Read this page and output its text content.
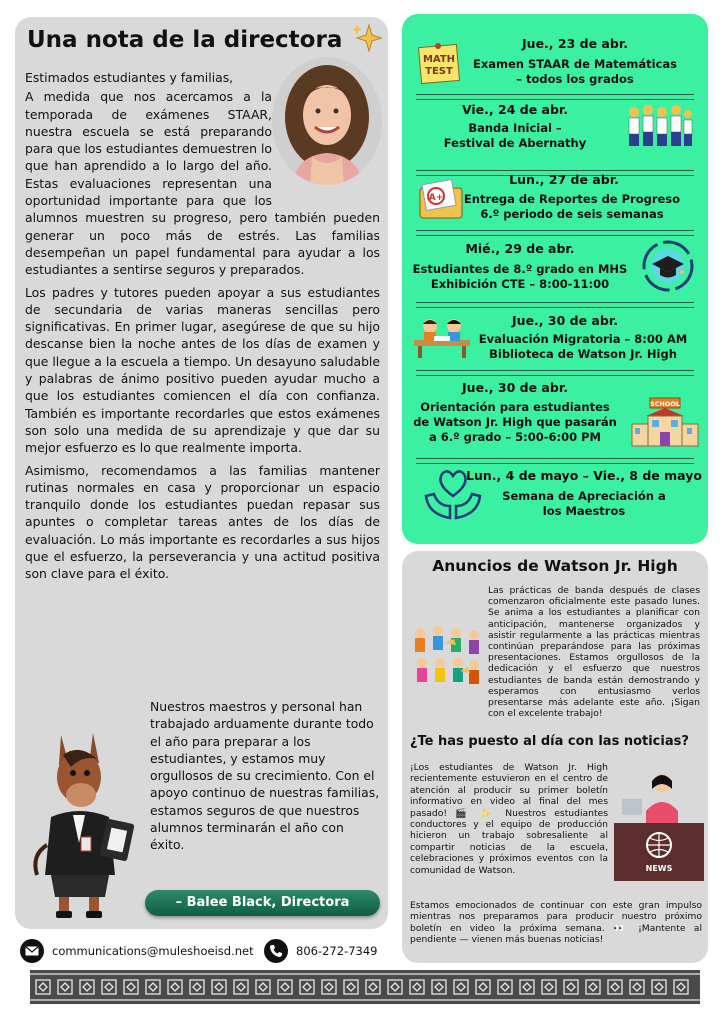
Una nota de la directora

Estimados estudiantes y familias,

A medida que nos acercamos a la temporada de exámenes STAAR, nuestra escuela se está preparando para que los estudiantes demuestren lo que han aprendido a lo largo del año. Estas evaluaciones representan una oportunidad importante para que los alumnos muestren su progreso, pero también pueden generar un poco más de estrés. Las familias desempeñan un papel fundamental para ayudar a los estudiantes a sentirse seguros y preparados.

Los padres y tutores pueden apoyar a sus estudiantes de secundaria de varias maneras sencillas pero significativas. En primer lugar, asegúrese de que su hijo descanse bien la noche antes de los días de examen y que llegue a la escuela a tiempo. Un desayuno saludable y palabras de ánimo positivo pueden ayudar mucho a que los estudiantes comiencen el día con confianza. También es importante recordarles que estos exámenes son solo una medida de su aprendizaje y que dar su mejor esfuerzo es lo que realmente importa.

Asimismo, recomendamos a las familias mantener rutinas normales en casa y proporcionar un espacio tranquilo donde los estudiantes puedan repasar sus apuntes o completar tareas antes de los días de evaluación. Lo más importante es recordarles a sus hijos que el esfuerzo, la perseverancia y una actitud positiva son clave para el éxito.

Nuestros maestros y personal han trabajado arduamente durante todo el año para preparar a los estudiantes, y estamos muy orgullosos de su crecimiento. Con el apoyo continuo de nuestras familias, estamos seguros de que nuestros alumnos terminarán el año con éxito.

– Balee Black, Directora
MATH
TEST
Jue., 23 de abr.
Examen STAAR de Matemáticas
– todos los grados
Vie., 24 de abr.
Banda Inicial –
Festival de Abernathy
A+
Lun., 27 de abr.
Entrega de Reportes de Progreso
6.º periodo de seis semanas
Mié., 29 de abr.
Estudiantes de 8.º grado en MHS
Exhibición CTE – 8:00-11:00
Jue., 30 de abr.
Evaluación Migratoria – 8:00 AM
Biblioteca de Watson Jr. High
Jue., 30 de abr.
Orientación para estudiantes
de Watson Jr. High que pasarán
a 6.º grado – 5:00-6:00 PM
SCHOOL
Lun., 4 de mayo – Vie., 8 de mayo
Semana de Apreciación a
los Maestros
Anuncios de Watson Jr. High

Las prácticas de banda después de clases comenzaron oficialmente este pasado lunes. Se anima a los estudiantes a planificar con anticipación, mantenerse organizados y asistir regularmente a las prácticas mientras continúan preparándose para las próximas presentaciones. Estamos orgullosos de la dedicación y el esfuerzo que nuestros estudiantes de banda están demostrando y esperamos con entusiasmo verlos presentarse más adelante este año. ¡Sigan con el excelente trabajo!

¿Te has puesto al día con las noticias?

¡Los estudiantes de Watson Jr. High recientemente estuvieron en el centro de atención al producir su primer boletín informativo en video al final del mes pasado! 🎬 ✨ Nuestros estudiantes conductores y el equipo de producción hicieron un trabajo sobresaliente al compartir noticias de la escuela, celebraciones y próximos eventos con la comunidad de Watson.	NEWS

Estamos emocionados de continuar con este gran impulso mientras nos preparamos para producir nuestro próximo boletín en video la próxima semana. 👀 ¡Mantente al pendiente — vienen más buenas noticias!

communications@muleshoeisd.net	806-272-7349
